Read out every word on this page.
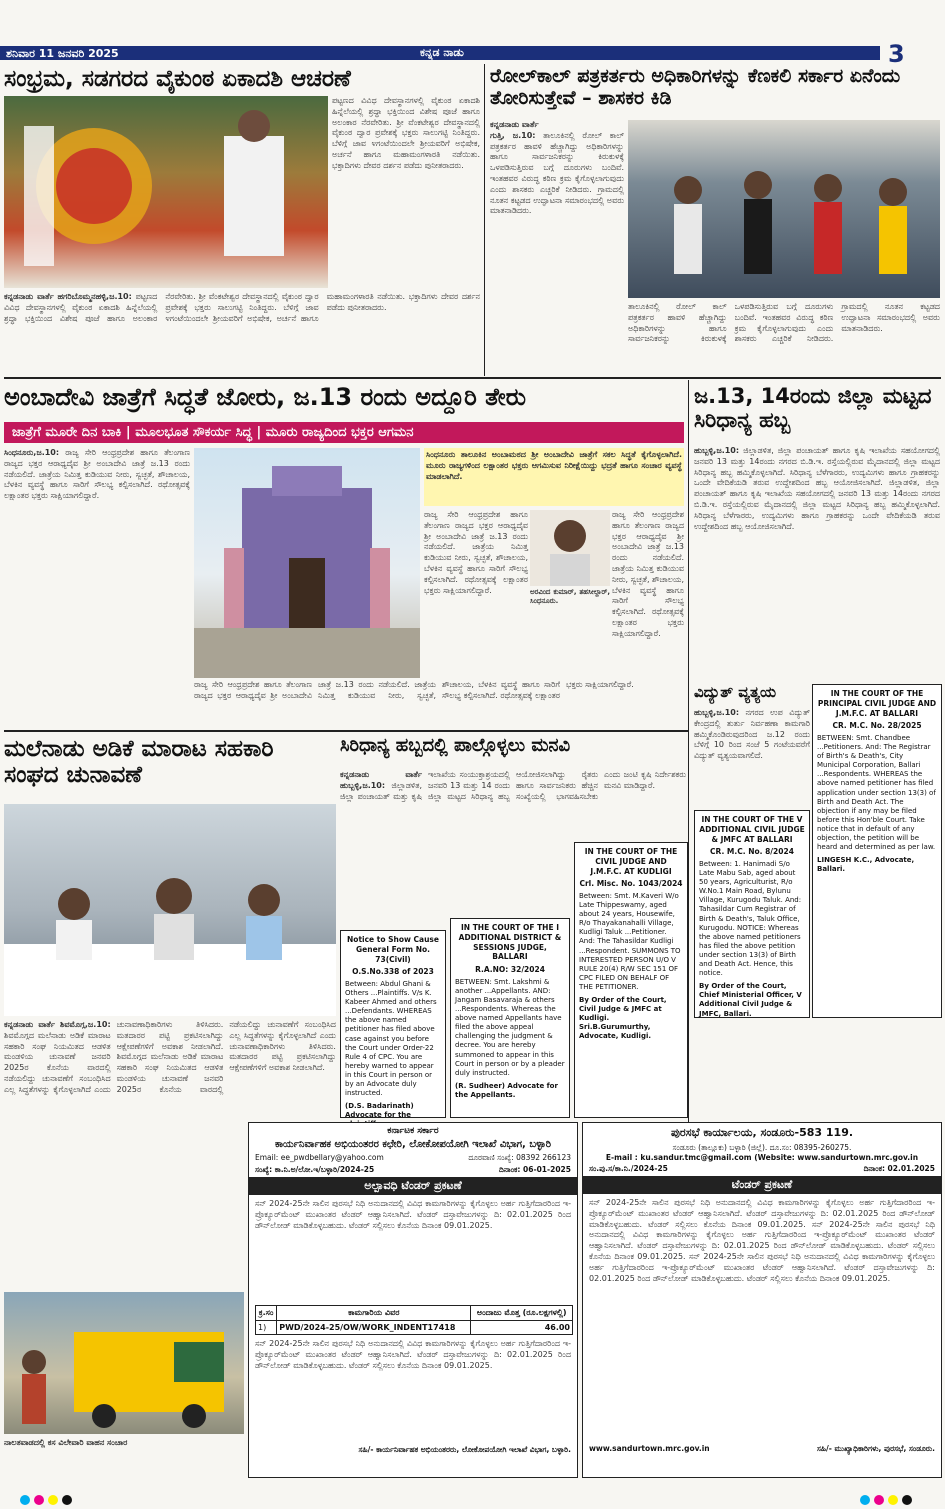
ಶನಿವಾರ 11 ಜನವರಿ 2025	ಕನ್ನಡ ನಾಡು	3
ಸಂಭ್ರಮ, ಸಡಗರದ ವೈಕುಂಠ ಏಕಾದಶಿ ಆಚರಣೆ
ಪಟ್ಟಣದ ವಿವಿಧ ದೇವಸ್ಥಾನಗಳಲ್ಲಿ ವೈಕುಂಠ ಏಕಾದಶಿ ಹಿನ್ನೆಲೆಯಲ್ಲಿ ಶ್ರದ್ಧಾ ಭಕ್ತಿಯಿಂದ ವಿಶೇಷ ಪೂಜೆ ಹಾಗೂ ಅಲಂಕಾರ ನೆರವೇರಿತು. ಶ್ರೀ ವೆಂಕಟೇಶ್ವರ ದೇವಸ್ಥಾನದಲ್ಲಿ ವೈಕುಂಠ ದ್ವಾರ ಪ್ರವೇಶಕ್ಕೆ ಭಕ್ತರು ಸಾಲುಗಟ್ಟಿ ನಿಂತಿದ್ದರು. ಬೆಳಿಗ್ಗೆ ಜಾವ ೪ಗಂಟೆಯಿಂದಲೇ ಶ್ರೀಯವರಿಗೆ ಅಭಿಷೇಕ, ಅರ್ಚನೆ ಹಾಗೂ ಮಹಾಮಂಗಳಾರತಿ ನಡೆಯಿತು. ಭಕ್ತಾದಿಗಳು ದೇವರ ದರ್ಶನ ಪಡೆದು ಪುನೀತರಾದರು.
ಕನ್ನಡನಾಡು ವಾರ್ತೆ ಹಗರಿಬೊಮ್ಮನಹಳ್ಳಿ,ಜ.10: ಪಟ್ಟಣದ ವಿವಿಧ ದೇವಸ್ಥಾನಗಳಲ್ಲಿ ವೈಕುಂಠ ಏಕಾದಶಿ ಹಿನ್ನೆಲೆಯಲ್ಲಿ ಶ್ರದ್ಧಾ ಭಕ್ತಿಯಿಂದ ವಿಶೇಷ ಪೂಜೆ ಹಾಗೂ ಅಲಂಕಾರ ನೆರವೇರಿತು. ಶ್ರೀ ವೆಂಕಟೇಶ್ವರ ದೇವಸ್ಥಾನದಲ್ಲಿ ವೈಕುಂಠ ದ್ವಾರ ಪ್ರವೇಶಕ್ಕೆ ಭಕ್ತರು ಸಾಲುಗಟ್ಟಿ ನಿಂತಿದ್ದರು. ಬೆಳಿಗ್ಗೆ ಜಾವ ೪ಗಂಟೆಯಿಂದಲೇ ಶ್ರೀಯವರಿಗೆ ಅಭಿಷೇಕ, ಅರ್ಚನೆ ಹಾಗೂ ಮಹಾಮಂಗಳಾರತಿ ನಡೆಯಿತು. ಭಕ್ತಾದಿಗಳು ದೇವರ ದರ್ಶನ ಪಡೆದು ಪುನೀತರಾದರು.
ರೋಲ್‌ಕಾಲ್ ಪತ್ರಕರ್ತರು ಅಧಿಕಾರಿಗಳನ್ನು ಕೆಣಕಲಿ ಸರ್ಕಾರ ಏನೆಂದು ತೋರಿಸುತ್ತೇವೆ – ಶಾಸಕರ ಕಿಡಿ
ಕನ್ನಡನಾಡು ವಾರ್ತೆ
ಗುತ್ತಿ, ಜ.10: ತಾಲೂಕಿನಲ್ಲಿ ರೋಲ್ ಕಾಲ್ ಪತ್ರಕರ್ತರ ಹಾವಳಿ ಹೆಚ್ಚಾಗಿದ್ದು ಅಧಿಕಾರಿಗಳನ್ನು ಹಾಗೂ ಸಾರ್ವಜನಿಕರನ್ನು ಕಿರುಕುಳಕ್ಕೆ ಒಳಪಡಿಸುತ್ತಿರುವ ಬಗ್ಗೆ ದೂರುಗಳು ಬಂದಿವೆ. ಇಂತಹವರ ವಿರುದ್ಧ ಕಠಿಣ ಕ್ರಮ ಕೈಗೊಳ್ಳಲಾಗುವುದು ಎಂದು ಶಾಸಕರು ಎಚ್ಚರಿಕೆ ನೀಡಿದರು. ಗ್ರಾಮದಲ್ಲಿ ನೂತನ ಕಟ್ಟಡದ ಉದ್ಘಾಟನಾ ಸಮಾರಂಭದಲ್ಲಿ ಅವರು ಮಾತನಾಡಿದರು.
ತಾಲೂಕಿನಲ್ಲಿ ರೋಲ್ ಕಾಲ್ ಪತ್ರಕರ್ತರ ಹಾವಳಿ ಹೆಚ್ಚಾಗಿದ್ದು ಅಧಿಕಾರಿಗಳನ್ನು ಹಾಗೂ ಸಾರ್ವಜನಿಕರನ್ನು ಕಿರುಕುಳಕ್ಕೆ ಒಳಪಡಿಸುತ್ತಿರುವ ಬಗ್ಗೆ ದೂರುಗಳು ಬಂದಿವೆ. ಇಂತಹವರ ವಿರುದ್ಧ ಕಠಿಣ ಕ್ರಮ ಕೈಗೊಳ್ಳಲಾಗುವುದು ಎಂದು ಶಾಸಕರು ಎಚ್ಚರಿಕೆ ನೀಡಿದರು. ಗ್ರಾಮದಲ್ಲಿ ನೂತನ ಕಟ್ಟಡದ ಉದ್ಘಾಟನಾ ಸಮಾರಂಭದಲ್ಲಿ ಅವರು ಮಾತನಾಡಿದರು.
ಅಂಬಾದೇವಿ ಜಾತ್ರೆಗೆ ಸಿದ್ಧತೆ ಜೋರು, ಜ.13 ರಂದು ಅದ್ದೂರಿ ತೇರು
ಜಾತ್ರೆಗೆ ಮೂರೇ ದಿನ ಬಾಕಿ | ಮೂಲಭೂತ ಸೌಕರ್ಯ ಸಿದ್ಧ | ಮೂರು ರಾಜ್ಯದಿಂದ ಭಕ್ತರ ಆಗಮನ
ಸಿಂಧನೂರು,ಜ.10: ರಾಜ್ಯ ಸೇರಿ ಆಂಧ್ರಪ್ರದೇಶ ಹಾಗೂ ತೆಲಂಗಾಣ ರಾಜ್ಯದ ಭಕ್ತರ ಆರಾಧ್ಯದೈವ ಶ್ರೀ ಅಂಬಾದೇವಿ ಜಾತ್ರೆ ಜ.13 ರಂದು ನಡೆಯಲಿದೆ. ಜಾತ್ರೆಯ ನಿಮಿತ್ತ ಕುಡಿಯುವ ನೀರು, ಸ್ವಚ್ಛತೆ, ಶೌಚಾಲಯ, ಬೆಳಕಿನ ವ್ಯವಸ್ಥೆ ಹಾಗೂ ಸಾರಿಗೆ ಸೌಲಭ್ಯ ಕಲ್ಪಿಸಲಾಗಿದೆ. ರಥೋತ್ಸವಕ್ಕೆ ಲಕ್ಷಾಂತರ ಭಕ್ತರು ಸಾಕ್ಷಿಯಾಗಲಿದ್ದಾರೆ.
ಸಿಂಧನೂರು ತಾಲೂಕಿನ ಅಂಬಾಮಠದ ಶ್ರೀ ಅಂಬಾದೇವಿ ಜಾತ್ರೆಗೆ ಸಕಲ ಸಿದ್ಧತೆ ಕೈಗೊಳ್ಳಲಾಗಿದೆ. ಮೂರು ರಾಜ್ಯಗಳಿಂದ ಲಕ್ಷಾಂತರ ಭಕ್ತರು ಆಗಮಿಸುವ ನಿರೀಕ್ಷೆಯಿದ್ದು ಭದ್ರತೆ ಹಾಗೂ ಸಂಚಾರ ವ್ಯವಸ್ಥೆ ಮಾಡಲಾಗಿದೆ.
ರಾಜ್ಯ ಸೇರಿ ಆಂಧ್ರಪ್ರದೇಶ ಹಾಗೂ ತೆಲಂಗಾಣ ರಾಜ್ಯದ ಭಕ್ತರ ಆರಾಧ್ಯದೈವ ಶ್ರೀ ಅಂಬಾದೇವಿ ಜಾತ್ರೆ ಜ.13 ರಂದು ನಡೆಯಲಿದೆ. ಜಾತ್ರೆಯ ನಿಮಿತ್ತ ಕುಡಿಯುವ ನೀರು, ಸ್ವಚ್ಛತೆ, ಶೌಚಾಲಯ, ಬೆಳಕಿನ ವ್ಯವಸ್ಥೆ ಹಾಗೂ ಸಾರಿಗೆ ಸೌಲಭ್ಯ ಕಲ್ಪಿಸಲಾಗಿದೆ. ರಥೋತ್ಸವಕ್ಕೆ ಲಕ್ಷಾಂತರ ಭಕ್ತರು ಸಾಕ್ಷಿಯಾಗಲಿದ್ದಾರೆ.	ಅರವಿಂದ ಕುಮಾರ್, ತಹಸೀಲ್ದಾರ್, ಸಿಂಧನೂರು.
ರಾಜ್ಯ ಸೇರಿ ಆಂಧ್ರಪ್ರದೇಶ ಹಾಗೂ ತೆಲಂಗಾಣ ರಾಜ್ಯದ ಭಕ್ತರ ಆರಾಧ್ಯದೈವ ಶ್ರೀ ಅಂಬಾದೇವಿ ಜಾತ್ರೆ ಜ.13 ರಂದು ನಡೆಯಲಿದೆ. ಜಾತ್ರೆಯ ನಿಮಿತ್ತ ಕುಡಿಯುವ ನೀರು, ಸ್ವಚ್ಛತೆ, ಶೌಚಾಲಯ, ಬೆಳಕಿನ ವ್ಯವಸ್ಥೆ ಹಾಗೂ ಸಾರಿಗೆ ಸೌಲಭ್ಯ ಕಲ್ಪಿಸಲಾಗಿದೆ. ರಥೋತ್ಸವಕ್ಕೆ ಲಕ್ಷಾಂತರ ಭಕ್ತರು ಸಾಕ್ಷಿಯಾಗಲಿದ್ದಾರೆ.
ರಾಜ್ಯ ಸೇರಿ ಆಂಧ್ರಪ್ರದೇಶ ಹಾಗೂ ತೆಲಂಗಾಣ ರಾಜ್ಯದ ಭಕ್ತರ ಆರಾಧ್ಯದೈವ ಶ್ರೀ ಅಂಬಾದೇವಿ ಜಾತ್ರೆ ಜ.13 ರಂದು ನಡೆಯಲಿದೆ. ಜಾತ್ರೆಯ ನಿಮಿತ್ತ ಕುಡಿಯುವ ನೀರು, ಸ್ವಚ್ಛತೆ, ಶೌಚಾಲಯ, ಬೆಳಕಿನ ವ್ಯವಸ್ಥೆ ಹಾಗೂ ಸಾರಿಗೆ ಸೌಲಭ್ಯ ಕಲ್ಪಿಸಲಾಗಿದೆ. ರಥೋತ್ಸವಕ್ಕೆ ಲಕ್ಷಾಂತರ ಭಕ್ತರು ಸಾಕ್ಷಿಯಾಗಲಿದ್ದಾರೆ.
ಜ.13, 14ರಂದು ಜಿಲ್ಲಾ ಮಟ್ಟದ ಸಿರಿಧಾನ್ಯ ಹಬ್ಬ
ಹುಬ್ಬಳ್ಳಿ,ಜ.10: ಜಿಲ್ಲಾಡಳಿತ, ಜಿಲ್ಲಾ ಪಂಚಾಯತ್ ಹಾಗೂ ಕೃಷಿ ಇಲಾಖೆಯ ಸಹಯೋಗದಲ್ಲಿ ಜನವರಿ 13 ಮತ್ತು 14ರಂದು ನಗರದ ಬಿ.ಡಿ.ಇ. ರಸ್ತೆಯಲ್ಲಿರುವ ಮೈದಾನದಲ್ಲಿ ಜಿಲ್ಲಾ ಮಟ್ಟದ ಸಿರಿಧಾನ್ಯ ಹಬ್ಬ ಹಮ್ಮಿಕೊಳ್ಳಲಾಗಿದೆ. ಸಿರಿಧಾನ್ಯ ಬೆಳೆಗಾರರು, ಉದ್ಯಮಿಗಳು ಹಾಗೂ ಗ್ರಾಹಕರನ್ನು ಒಂದೇ ವೇದಿಕೆಯಡಿ ತರುವ ಉದ್ದೇಶದಿಂದ ಹಬ್ಬ ಆಯೋಜಿಸಲಾಗಿದೆ. ಜಿಲ್ಲಾಡಳಿತ, ಜಿಲ್ಲಾ ಪಂಚಾಯತ್ ಹಾಗೂ ಕೃಷಿ ಇಲಾಖೆಯ ಸಹಯೋಗದಲ್ಲಿ ಜನವರಿ 13 ಮತ್ತು 14ರಂದು ನಗರದ ಬಿ.ಡಿ.ಇ. ರಸ್ತೆಯಲ್ಲಿರುವ ಮೈದಾನದಲ್ಲಿ ಜಿಲ್ಲಾ ಮಟ್ಟದ ಸಿರಿಧಾನ್ಯ ಹಬ್ಬ ಹಮ್ಮಿಕೊಳ್ಳಲಾಗಿದೆ. ಸಿರಿಧಾನ್ಯ ಬೆಳೆಗಾರರು, ಉದ್ಯಮಿಗಳು ಹಾಗೂ ಗ್ರಾಹಕರನ್ನು ಒಂದೇ ವೇದಿಕೆಯಡಿ ತರುವ ಉದ್ದೇಶದಿಂದ ಹಬ್ಬ ಆಯೋಜಿಸಲಾಗಿದೆ.
ವಿದ್ಯುತ್ ವ್ಯತ್ಯಯ
ಹುಬ್ಬಳ್ಳಿ,ಜ.10: ನಗರದ ಉಪ ವಿದ್ಯುತ್ ಕೇಂದ್ರದಲ್ಲಿ ತುರ್ತು ನಿರ್ವಹಣಾ ಕಾಮಗಾರಿ ಹಮ್ಮಿಕೊಂಡಿರುವುದರಿಂದ ಜ.12 ರಂದು ಬೆಳಿಗ್ಗೆ 10 ರಿಂದ ಸಂಜೆ 5 ಗಂಟೆಯವರೆಗೆ ವಿದ್ಯುತ್ ವ್ಯತ್ಯಯವಾಗಲಿದೆ.
IN THE COURT OF THE PRINCIPAL CIVIL JUDGE AND J.M.F.C. AT BALLARI
CR. M.C. No. 28/2025
BETWEEN: Smt. Chandbee ...Petitioners. And: The Registrar of Birth's & Death's, City Municipal Corporation, Ballari ...Respondents. WHEREAS the above named petitioner has filed application under section 13(3) of Birth and Death Act. The objection if any may be filed before this Hon'ble Court. Take notice that in default of any objection, the petition will be heard and determined as per law.
LINGESH K.C., Advocate, Ballari.
IN THE COURT OF THE V ADDITIONAL CIVIL JUDGE & JMFC AT BALLARI
CR. M.C. No. 8/2024
Between: 1. Hanimadi S/o Late Mabu Sab, aged about 50 years, Agriculturist, R/o W.No.1 Main Road, Bylunu Village, Kurugodu Taluk. And: Tahasildar Cum Registrar of Birth & Death's, Taluk Office, Kurugodu. NOTICE: Whereas the above named petitioners has filed the above petition under section 13(3) of Birth and Death Act. Hence, this notice.
By Order of the Court, Chief Ministerial Officer, V Additional Civil Judge & JMFC, Ballari.
ಮಲೆನಾಡು ಅಡಿಕೆ ಮಾರಾಟ ಸಹಕಾರಿ ಸಂಘದ ಚುನಾವಣೆ
ಕನ್ನಡನಾಡು ವಾರ್ತೆ ಶಿವಮೊಗ್ಗ,ಜ.10: ಶಿವಮೊಗ್ಗದ ಮಲೆನಾಡು ಅಡಿಕೆ ಮಾರಾಟ ಸಹಕಾರಿ ಸಂಘ ನಿಯಮಿತದ ಆಡಳಿತ ಮಂಡಳಿಯ ಚುನಾವಣೆ ಜನವರಿ 2025ರ ಕೊನೆಯ ವಾರದಲ್ಲಿ ನಡೆಯಲಿದ್ದು ಚುನಾವಣೆಗೆ ಸಂಬಂಧಿಸಿದ ಎಲ್ಲ ಸಿದ್ಧತೆಗಳನ್ನು ಕೈಗೊಳ್ಳಲಾಗಿದೆ ಎಂದು ಚುನಾವಣಾಧಿಕಾರಿಗಳು ತಿಳಿಸಿದರು. ಮತದಾರರ ಪಟ್ಟಿ ಪ್ರಕಟಿಸಲಾಗಿದ್ದು ಆಕ್ಷೇಪಣೆಗಳಿಗೆ ಅವಕಾಶ ನೀಡಲಾಗಿದೆ. ಶಿವಮೊಗ್ಗದ ಮಲೆನಾಡು ಅಡಿಕೆ ಮಾರಾಟ ಸಹಕಾರಿ ಸಂಘ ನಿಯಮಿತದ ಆಡಳಿತ ಮಂಡಳಿಯ ಚುನಾವಣೆ ಜನವರಿ 2025ರ ಕೊನೆಯ ವಾರದಲ್ಲಿ ನಡೆಯಲಿದ್ದು ಚುನಾವಣೆಗೆ ಸಂಬಂಧಿಸಿದ ಎಲ್ಲ ಸಿದ್ಧತೆಗಳನ್ನು ಕೈಗೊಳ್ಳಲಾಗಿದೆ ಎಂದು ಚುನಾವಣಾಧಿಕಾರಿಗಳು ತಿಳಿಸಿದರು. ಮತದಾರರ ಪಟ್ಟಿ ಪ್ರಕಟಿಸಲಾಗಿದ್ದು ಆಕ್ಷೇಪಣೆಗಳಿಗೆ ಅವಕಾಶ ನೀಡಲಾಗಿದೆ.
ಸಿರಿಧಾನ್ಯ ಹಬ್ಬದಲ್ಲಿ ಪಾಲ್ಗೊಳ್ಳಲು ಮನವಿ
ಕನ್ನಡನಾಡು ವಾರ್ತೆ ಹುಬ್ಬಳ್ಳಿ,ಜ.10: ಜಿಲ್ಲಾಡಳಿತ, ಜಿಲ್ಲಾ ಪಂಚಾಯತ್ ಮತ್ತು ಕೃಷಿ ಇಲಾಖೆಯ ಸಂಯುಕ್ತಾಶ್ರಯದಲ್ಲಿ ಜನವರಿ 13 ಮತ್ತು 14 ರಂದು ಜಿಲ್ಲಾ ಮಟ್ಟದ ಸಿರಿಧಾನ್ಯ ಹಬ್ಬ ಆಯೋಜಿಸಲಾಗಿದ್ದು ರೈತರು ಹಾಗೂ ಸಾರ್ವಜನಿಕರು ಹೆಚ್ಚಿನ ಸಂಖ್ಯೆಯಲ್ಲಿ ಭಾಗವಹಿಸಬೇಕು ಎಂದು ಜಂಟಿ ಕೃಷಿ ನಿರ್ದೇಶಕರು ಮನವಿ ಮಾಡಿದ್ದಾರೆ.
Notice to Show Cause General Form No. 73(Civil)
O.S.No.338 of 2023
Between: Abdul Ghani & Others ...Plaintiffs. V/s K. Kabeer Ahmed and others ...Defendants. WHEREAS the above named petitioner has filed above case against you before the Court under Order-22 Rule 4 of CPC. You are hereby warned to appear in this Court in person or by an Advocate duly instructed.
(D.S. Badarinath) Advocate for the
IN THE COURT OF THE I ADDITIONAL DISTRICT & SESSIONS JUDGE, BALLARI
R.A.NO: 32/2024
BETWEEN: Smt. Lakshmi & another ...Appellants. AND: Jangam Basavaraja & others ...Respondents. Whereas the above named Appellants have filed the above appeal challenging the judgment & decree. You are hereby summoned to appear in this Court in person or by a pleader duly instructed.
(R. Sudheer) Advocate for the Appellants.
IN THE COURT OF THE CIVIL JUDGE AND J.M.F.C. AT KUDLIGI
Crl. Misc. No. 1043/2024
Between: Smt. M.Kaveri W/o Late Thippeswamy, aged about 24 years, Housewife, R/o Thayakanahalli Village, Kudligi Taluk ...Petitioner. And: The Tahasildar Kudligi ...Respondent. SUMMONS TO INTERESTED PERSON U/O V RULE 20(4) R/W SEC 151 OF CPC FILED ON BEHALF OF THE PETITIONER.
By Order of the Court, Civil Judge & JMFC at Kudligi. Sri.B.Gurumurthy, Advocate, Kudligi.
ನಾಲತವಾಡದಲ್ಲಿ ಕಸ ವಿಲೇವಾರಿ ವಾಹನ ಸಂಚಾರ
ಕರ್ನಾಟಕ ಸರ್ಕಾರ
ಕಾರ್ಯನಿರ್ವಾಹಕ ಅಭಿಯಂತರರ ಕಛೇರಿ, ಲೋಕೋಪಯೋಗಿ ಇಲಾಖೆ ವಿಭಾಗ, ಬಳ್ಳಾರಿ
Email: ee_pwdbellary@yahoo.com	ದೂರವಾಣಿ ಸಂಖ್ಯೆ: 08392 266123
ಸಂಖ್ಯೆ: ಕಾ.ನಿ.ಅ/ಲೋ.ಇ/ಬಳ್ಳಾರಿ/2024-25	ದಿನಾಂಕ: 06-01-2025
ಅಲ್ಪಾವಧಿ ಟೆಂಡರ್ ಪ್ರಕಟಣೆ
ಸನ್ 2024-25ನೇ ಸಾಲಿನ ಪುರಸಭೆ ನಿಧಿ ಅನುದಾನದಲ್ಲಿ ವಿವಿಧ ಕಾಮಗಾರಿಗಳನ್ನು ಕೈಗೊಳ್ಳಲು ಅರ್ಹ ಗುತ್ತಿಗೆದಾರರಿಂದ ಇ-ಪ್ರೊಕ್ಯೂರ್‌ಮೆಂಟ್ ಮುಖಾಂತರ ಟೆಂಡರ್ ಆಹ್ವಾನಿಸಲಾಗಿದೆ. ಟೆಂಡರ್ ದಸ್ತಾವೇಜುಗಳನ್ನು ದಿ: 02.01.2025 ರಿಂದ ಡೌನ್‌ಲೋಡ್ ಮಾಡಿಕೊಳ್ಳಬಹುದು. ಟೆಂಡರ್ ಸಲ್ಲಿಸಲು ಕೊನೆಯ ದಿನಾಂಕ 09.01.2025.
ಕ್ರ.ಸಂ	ಕಾಮಗಾರಿಯ ವಿವರ	ಅಂದಾಜು ಮೊತ್ತ (ರೂ.ಲಕ್ಷಗಳಲ್ಲಿ)
1)	PWD/2024-25/OW/WORK_INDENT17418	46.00
ಸನ್ 2024-25ನೇ ಸಾಲಿನ ಪುರಸಭೆ ನಿಧಿ ಅನುದಾನದಲ್ಲಿ ವಿವಿಧ ಕಾಮಗಾರಿಗಳನ್ನು ಕೈಗೊಳ್ಳಲು ಅರ್ಹ ಗುತ್ತಿಗೆದಾರರಿಂದ ಇ-ಪ್ರೊಕ್ಯೂರ್‌ಮೆಂಟ್ ಮುಖಾಂತರ ಟೆಂಡರ್ ಆಹ್ವಾನಿಸಲಾಗಿದೆ. ಟೆಂಡರ್ ದಸ್ತಾವೇಜುಗಳನ್ನು ದಿ: 02.01.2025 ರಿಂದ ಡೌನ್‌ಲೋಡ್ ಮಾಡಿಕೊಳ್ಳಬಹುದು. ಟೆಂಡರ್ ಸಲ್ಲಿಸಲು ಕೊನೆಯ ದಿನಾಂಕ 09.01.2025.
ಸಹಿ/- ಕಾರ್ಯನಿರ್ವಾಹಕ ಅಭಿಯಂತರರು, ಲೋಕೋಪಯೋಗಿ ಇಲಾಖೆ ವಿಭಾಗ, ಬಳ್ಳಾರಿ.
ಪುರಸಭೆ ಕಾರ್ಯಾಲಯ, ಸಂಡೂರು-583 119.
ಸಂಡೂರು (ತಾಲ್ಲೂಕು) ಬಳ್ಳಾರಿ (ಜಿಲ್ಲೆ). ದೂ.ಸಂ: 08395-260275.
E-mail : ku.sandur.tmc@gmail.com (Website: www.sandurtown.mrc.gov.in
ಸಂ.ಪು.ಸ/ಕಾ.ನಿ./2024-25	ದಿನಾಂಕ: 02.01.2025
ಟೆಂಡರ್ ಪ್ರಕಟಣೆ
ಸನ್ 2024-25ನೇ ಸಾಲಿನ ಪುರಸಭೆ ನಿಧಿ ಅನುದಾನದಲ್ಲಿ ವಿವಿಧ ಕಾಮಗಾರಿಗಳನ್ನು ಕೈಗೊಳ್ಳಲು ಅರ್ಹ ಗುತ್ತಿಗೆದಾರರಿಂದ ಇ-ಪ್ರೊಕ್ಯೂರ್‌ಮೆಂಟ್ ಮುಖಾಂತರ ಟೆಂಡರ್ ಆಹ್ವಾನಿಸಲಾಗಿದೆ. ಟೆಂಡರ್ ದಸ್ತಾವೇಜುಗಳನ್ನು ದಿ: 02.01.2025 ರಿಂದ ಡೌನ್‌ಲೋಡ್ ಮಾಡಿಕೊಳ್ಳಬಹುದು. ಟೆಂಡರ್ ಸಲ್ಲಿಸಲು ಕೊನೆಯ ದಿನಾಂಕ 09.01.2025. ಸನ್ 2024-25ನೇ ಸಾಲಿನ ಪುರಸಭೆ ನಿಧಿ ಅನುದಾನದಲ್ಲಿ ವಿವಿಧ ಕಾಮಗಾರಿಗಳನ್ನು ಕೈಗೊಳ್ಳಲು ಅರ್ಹ ಗುತ್ತಿಗೆದಾರರಿಂದ ಇ-ಪ್ರೊಕ್ಯೂರ್‌ಮೆಂಟ್ ಮುಖಾಂತರ ಟೆಂಡರ್ ಆಹ್ವಾನಿಸಲಾಗಿದೆ. ಟೆಂಡರ್ ದಸ್ತಾವೇಜುಗಳನ್ನು ದಿ: 02.01.2025 ರಿಂದ ಡೌನ್‌ಲೋಡ್ ಮಾಡಿಕೊಳ್ಳಬಹುದು. ಟೆಂಡರ್ ಸಲ್ಲಿಸಲು ಕೊನೆಯ ದಿನಾಂಕ 09.01.2025. ಸನ್ 2024-25ನೇ ಸಾಲಿನ ಪುರಸಭೆ ನಿಧಿ ಅನುದಾನದಲ್ಲಿ ವಿವಿಧ ಕಾಮಗಾರಿಗಳನ್ನು ಕೈಗೊಳ್ಳಲು ಅರ್ಹ ಗುತ್ತಿಗೆದಾರರಿಂದ ಇ-ಪ್ರೊಕ್ಯೂರ್‌ಮೆಂಟ್ ಮುಖಾಂತರ ಟೆಂಡರ್ ಆಹ್ವಾನಿಸಲಾಗಿದೆ. ಟೆಂಡರ್ ದಸ್ತಾವೇಜುಗಳನ್ನು ದಿ: 02.01.2025 ರಿಂದ ಡೌನ್‌ಲೋಡ್ ಮಾಡಿಕೊಳ್ಳಬಹುದು. ಟೆಂಡರ್ ಸಲ್ಲಿಸಲು ಕೊನೆಯ ದಿನಾಂಕ 09.01.2025.
www.sandurtown.mrc.gov.in	ಸಹಿ/- ಮುಖ್ಯಾಧಿಕಾರಿಗಳು, ಪುರಸಭೆ, ಸಂಡೂರು.
